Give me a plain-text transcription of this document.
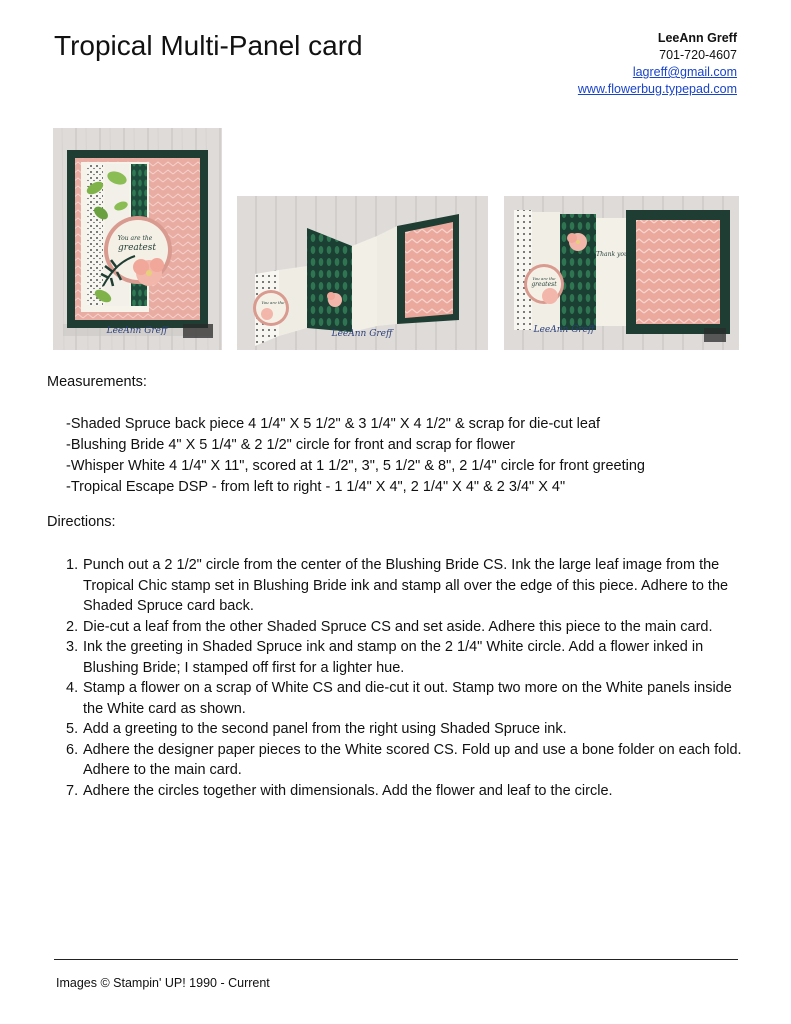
Tropical Multi-Panel card	LeeAnn Greff
701-720-4607
lagreff@gmail.com
www.flowerbug.typepad.com
You are the
greatest
LeeAnn Greff
You are the
LeeAnn Greff
Thank you
You are the
greatest
LeeAnn Greff
Measurements:
-Shaded Spruce back piece 4 1/4" X 5 1/2" & 3 1/4" X 4 1/2" & scrap for die-cut leaf
-Blushing Bride 4" X 5 1/4" & 2 1/2" circle for front and scrap for flower
-Whisper White 4 1/4" X 11", scored at 1 1/2", 3", 5 1/2" & 8", 2 1/4" circle for front greeting
-Tropical Escape DSP - from left to right - 1 1/4" X 4", 2 1/4" X 4" & 2 3/4" X 4"
Directions:
1. Punch out a 2 1/2" circle from the center of the Blushing Bride CS. Ink the large leaf image from the Tropical Chic stamp set in Blushing Bride ink and stamp all over the edge of this piece. Adhere to the Shaded Spruce card back.
2. Die-cut a leaf from the other Shaded Spruce CS and set aside. Adhere this piece to the main card.
3. Ink the greeting in Shaded Spruce ink and stamp on the 2 1/4" White circle. Add a flower inked in Blushing Bride; I stamped off first for a lighter hue.
4. Stamp a flower on a scrap of White CS and die-cut it out. Stamp two more on the White panels inside the White card as shown.
5. Add a greeting to the second panel from the right using Shaded Spruce ink.
6. Adhere the designer paper pieces to the White scored CS. Fold up and use a bone folder on each fold. Adhere to the main card.
7. Adhere the circles together with dimensionals. Add the flower and leaf to the circle.
Images © Stampin' UP! 1990 - Current
